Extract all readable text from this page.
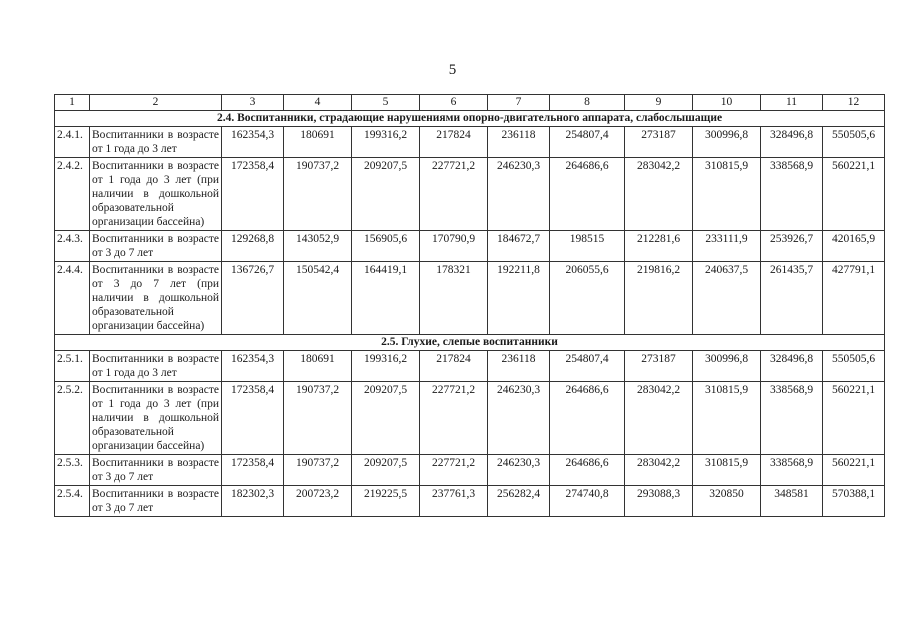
5
1	2	3	4	5	6	7	8	9	10	11	12
2.4. Воспитанники, страдающие нарушениями опорно-двигательного аппарата, слабослышащие											
2.4.1.	Воспитанники в возрасте от 1 года до 3 лет	162354,3	180691	199316,2	217824	236118	254807,4	273187	300996,8	328496,8	550505,6
2.4.2.	Воспитанники в возрасте от 1 года до 3 лет (при наличии в дошкольной образовательной организации бассейна)	172358,4	190737,2	209207,5	227721,2	246230,3	264686,6	283042,2	310815,9	338568,9	560221,1
2.4.3.	Воспитанники в возрасте от 3 до 7 лет	129268,8	143052,9	156905,6	170790,9	184672,7	198515	212281,6	233111,9	253926,7	420165,9
2.4.4.	Воспитанники в возрасте от 3 до 7 лет (при наличии в дошкольной образовательной организации бассейна)	136726,7	150542,4	164419,1	178321	192211,8	206055,6	219816,2	240637,5	261435,7	427791,1
2.5. Глухие, слепые воспитанники											
2.5.1.	Воспитанники в возрасте от 1 года до 3 лет	162354,3	180691	199316,2	217824	236118	254807,4	273187	300996,8	328496,8	550505,6
2.5.2.	Воспитанники в возрасте от 1 года до 3 лет (при наличии в дошкольной образовательной организации бассейна)	172358,4	190737,2	209207,5	227721,2	246230,3	264686,6	283042,2	310815,9	338568,9	560221,1
2.5.3.	Воспитанники в возрасте от 3 до 7 лет	172358,4	190737,2	209207,5	227721,2	246230,3	264686,6	283042,2	310815,9	338568,9	560221,1
2.5.4.	Воспитанники в возрасте от 3 до 7 лет	182302,3	200723,2	219225,5	237761,3	256282,4	274740,8	293088,3	320850	348581	570388,1
